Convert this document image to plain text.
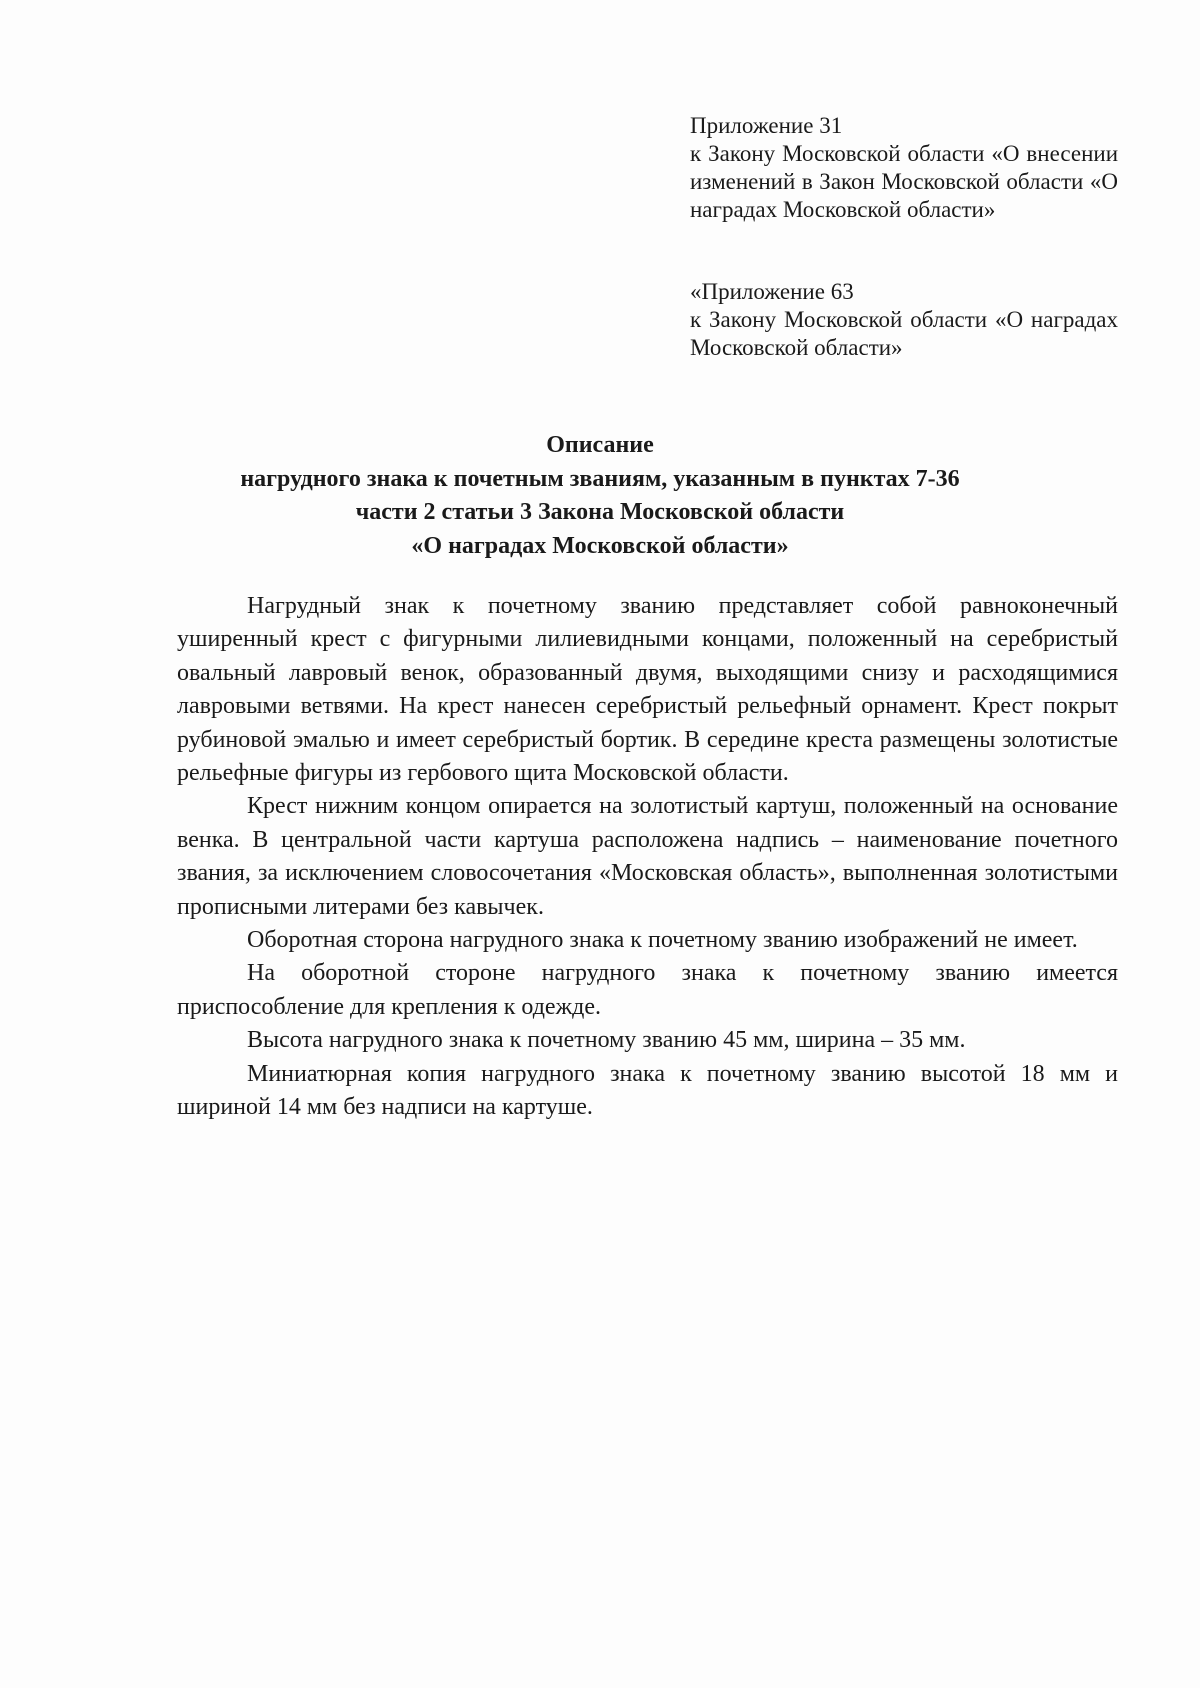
Приложение 31

к Закону Московской области «О внесении изменений в Закон Московской области «О наградах Московской области»

«Приложение 63

к Закону Московской области «О наградах Московской области»

Описание

нагрудного знака к почетным званиям, указанным в пунктах 7-36

части 2 статьи 3 Закона Московской области

«О наградах Московской области»

Нагрудный знак к почетному званию представляет собой равноконечный уширенный крест с фигурными лилиевидными концами, положенный на серебристый овальный лавровый венок, образованный двумя, выходящими снизу и расходящимися лавровыми ветвями. На крест нанесен серебристый рельефный орнамент. Крест покрыт рубиновой эмалью и имеет серебристый бортик. В середине креста размещены золотистые рельефные фигуры из гербового щита Московской области.

Крест нижним концом опирается на золотистый картуш, положенный на основание венка. В центральной части картуша расположена надпись – наименование почетного звания, за исключением словосочетания «Московская область», выполненная золотистыми прописными литерами без кавычек.

Оборотная сторона нагрудного знака к почетному званию изображений не имеет.

На оборотной стороне нагрудного знака к почетному званию имеется приспособление для крепления к одежде.

Высота нагрудного знака к почетному званию 45 мм, ширина – 35 мм.

Миниатюрная копия нагрудного знака к почетному званию высотой 18 мм и шириной 14 мм без надписи на картуше.
